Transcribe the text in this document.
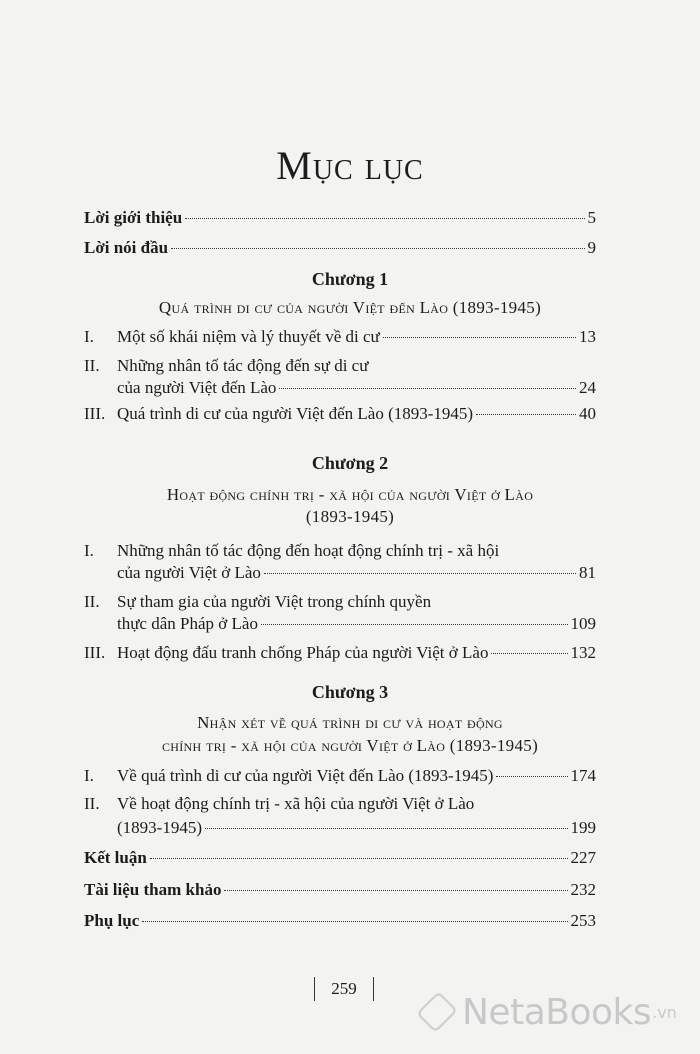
Mục lục
Lời giới thiệu	5
Lời nói đầu	9
Chương 1
Quá trình di cư của người Việt đến Lào (1893-1945)
I. Một số khái niệm và lý thuyết về di cư	13
II. Những nhân tố tác động đến sự di cư
của người Việt đến Lào	24
III. Quá trình di cư của người Việt đến Lào (1893-1945)	40
Chương 2
Hoạt động chính trị - xã hội của người Việt ở Lào
(1893-1945)
I. Những nhân tố tác động đến hoạt động chính trị - xã hội
của người Việt ở Lào	81
II. Sự tham gia của người Việt trong chính quyền
thực dân Pháp ở Lào	109
III. Hoạt động đấu tranh chống Pháp của người Việt ở Lào	132
Chương 3
Nhận xét về quá trình di cư và hoạt động
chính trị - xã hội của người Việt ở Lào (1893-1945)
I. Về quá trình di cư của người Việt đến Lào (1893-1945)	174
II. Về hoạt động chính trị - xã hội của người Việt ở Lào
(1893-1945)	199
Kết luận	227
Tài liệu tham khảo	232
Phụ lục	253
259
NetaBooks .vn
